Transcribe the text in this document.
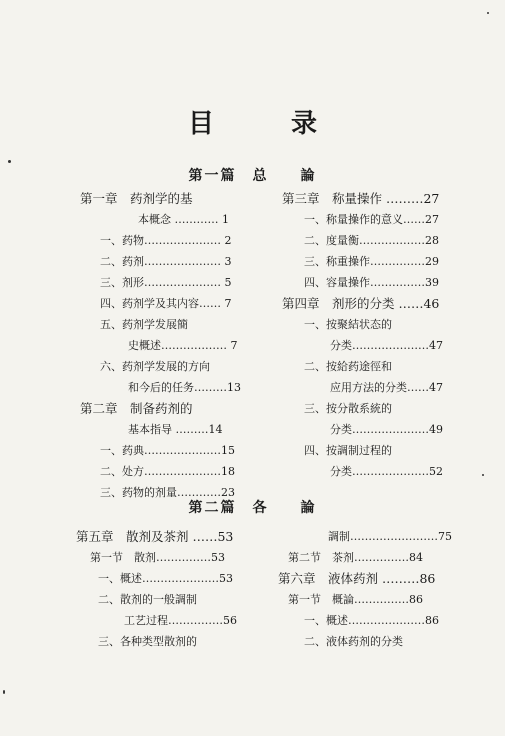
目 录
第一篇　总　　論
第一章　药剂学的基
本概念 ………… 1
一、药物………………… 2
二、药剂………………… 3
三、剂形………………… 5
四、药剂学及其内容…… 7
五、药剂学发展簡
史概述……………… 7
六、药剂学发展的方向
和今后的任务………13
第二章　制备药剂的
基本指导 ………14
一、药典…………………15
二、处方…………………18
三、药物的剂量…………23
第三章　称量操作 ………27
一、称量操作的意义……27
二、度量衡………………28
三、称重操作……………29
四、容量操作……………39
第四章　剂形的分类 ……46
一、按聚結状态的
分类…………………47
二、按給药途徑和
应用方法的分类……47
三、按分散系統的
分类…………………49
四、按調制过程的
分类…………………52
第二篇　各　　論
第五章　散剂及茶剂 ……53
第一节　散剂……………53
一、概述…………………53
二、散剂的一般調制
工艺过程……………56
三、各种类型散剂的
調制……………………75
第二节　茶剂……………84
第六章　液体药剂 ………86
第一节　概論……………86
一、概述…………………86
二、液体药剂的分类
